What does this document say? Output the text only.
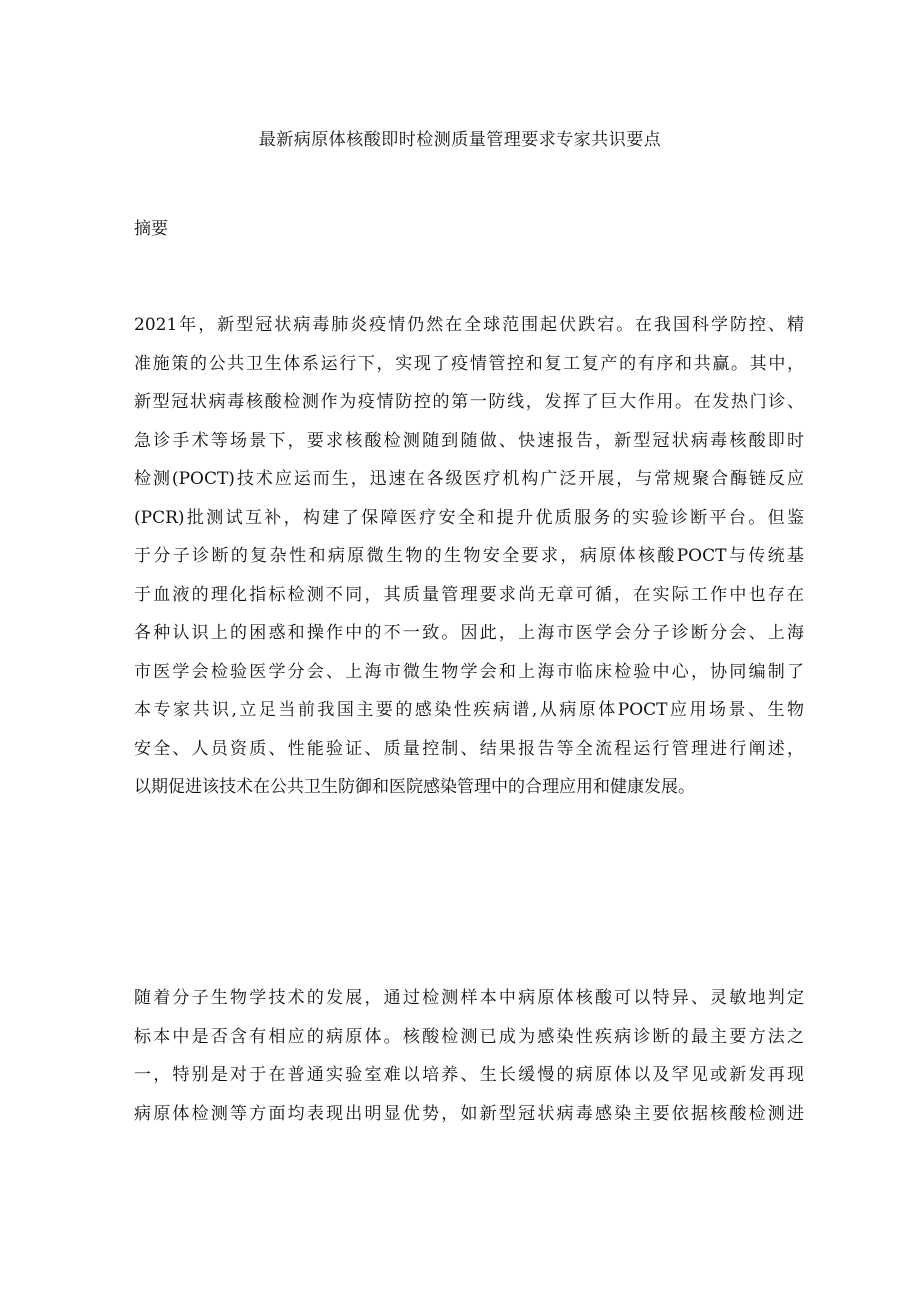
最新病原体核酸即时检测质量管理要求专家共识要点
摘要
2021年，新型冠状病毒肺炎疫情仍然在全球范围起伏跌宕。在我国科学防控、精
准施策的公共卫生体系运行下，实现了疫情管控和复工复产的有序和共赢。其中，
新型冠状病毒核酸检测作为疫情防控的第一防线，发挥了巨大作用。在发热门诊、
急诊手术等场景下，要求核酸检测随到随做、快速报告，新型冠状病毒核酸即时
检测(POCT)技术应运而生，迅速在各级医疗机构广泛开展，与常规聚合酶链反应
(PCR)批测试互补，构建了保障医疗安全和提升优质服务的实验诊断平台。但鉴
于分子诊断的复杂性和病原微生物的生物安全要求，病原体核酸POCT与传统基
于血液的理化指标检测不同，其质量管理要求尚无章可循，在实际工作中也存在
各种认识上的困惑和操作中的不一致。因此，上海市医学会分子诊断分会、上海
市医学会检验医学分会、上海市微生物学会和上海市临床检验中心，协同编制了
本专家共识,立足当前我国主要的感染性疾病谱,从病原体POCT应用场景、生物
安全、人员资质、性能验证、质量控制、结果报告等全流程运行管理进行阐述，
以期促进该技术在公共卫生防御和医院感染管理中的合理应用和健康发展。
随着分子生物学技术的发展，通过检测样本中病原体核酸可以特异、灵敏地判定
标本中是否含有相应的病原体。核酸检测已成为感染性疾病诊断的最主要方法之
一，特别是对于在普通实验室难以培养、生长缓慢的病原体以及罕见或新发再现
病原体检测等方面均表现出明显优势，如新型冠状病毒感染主要依据核酸检测进
